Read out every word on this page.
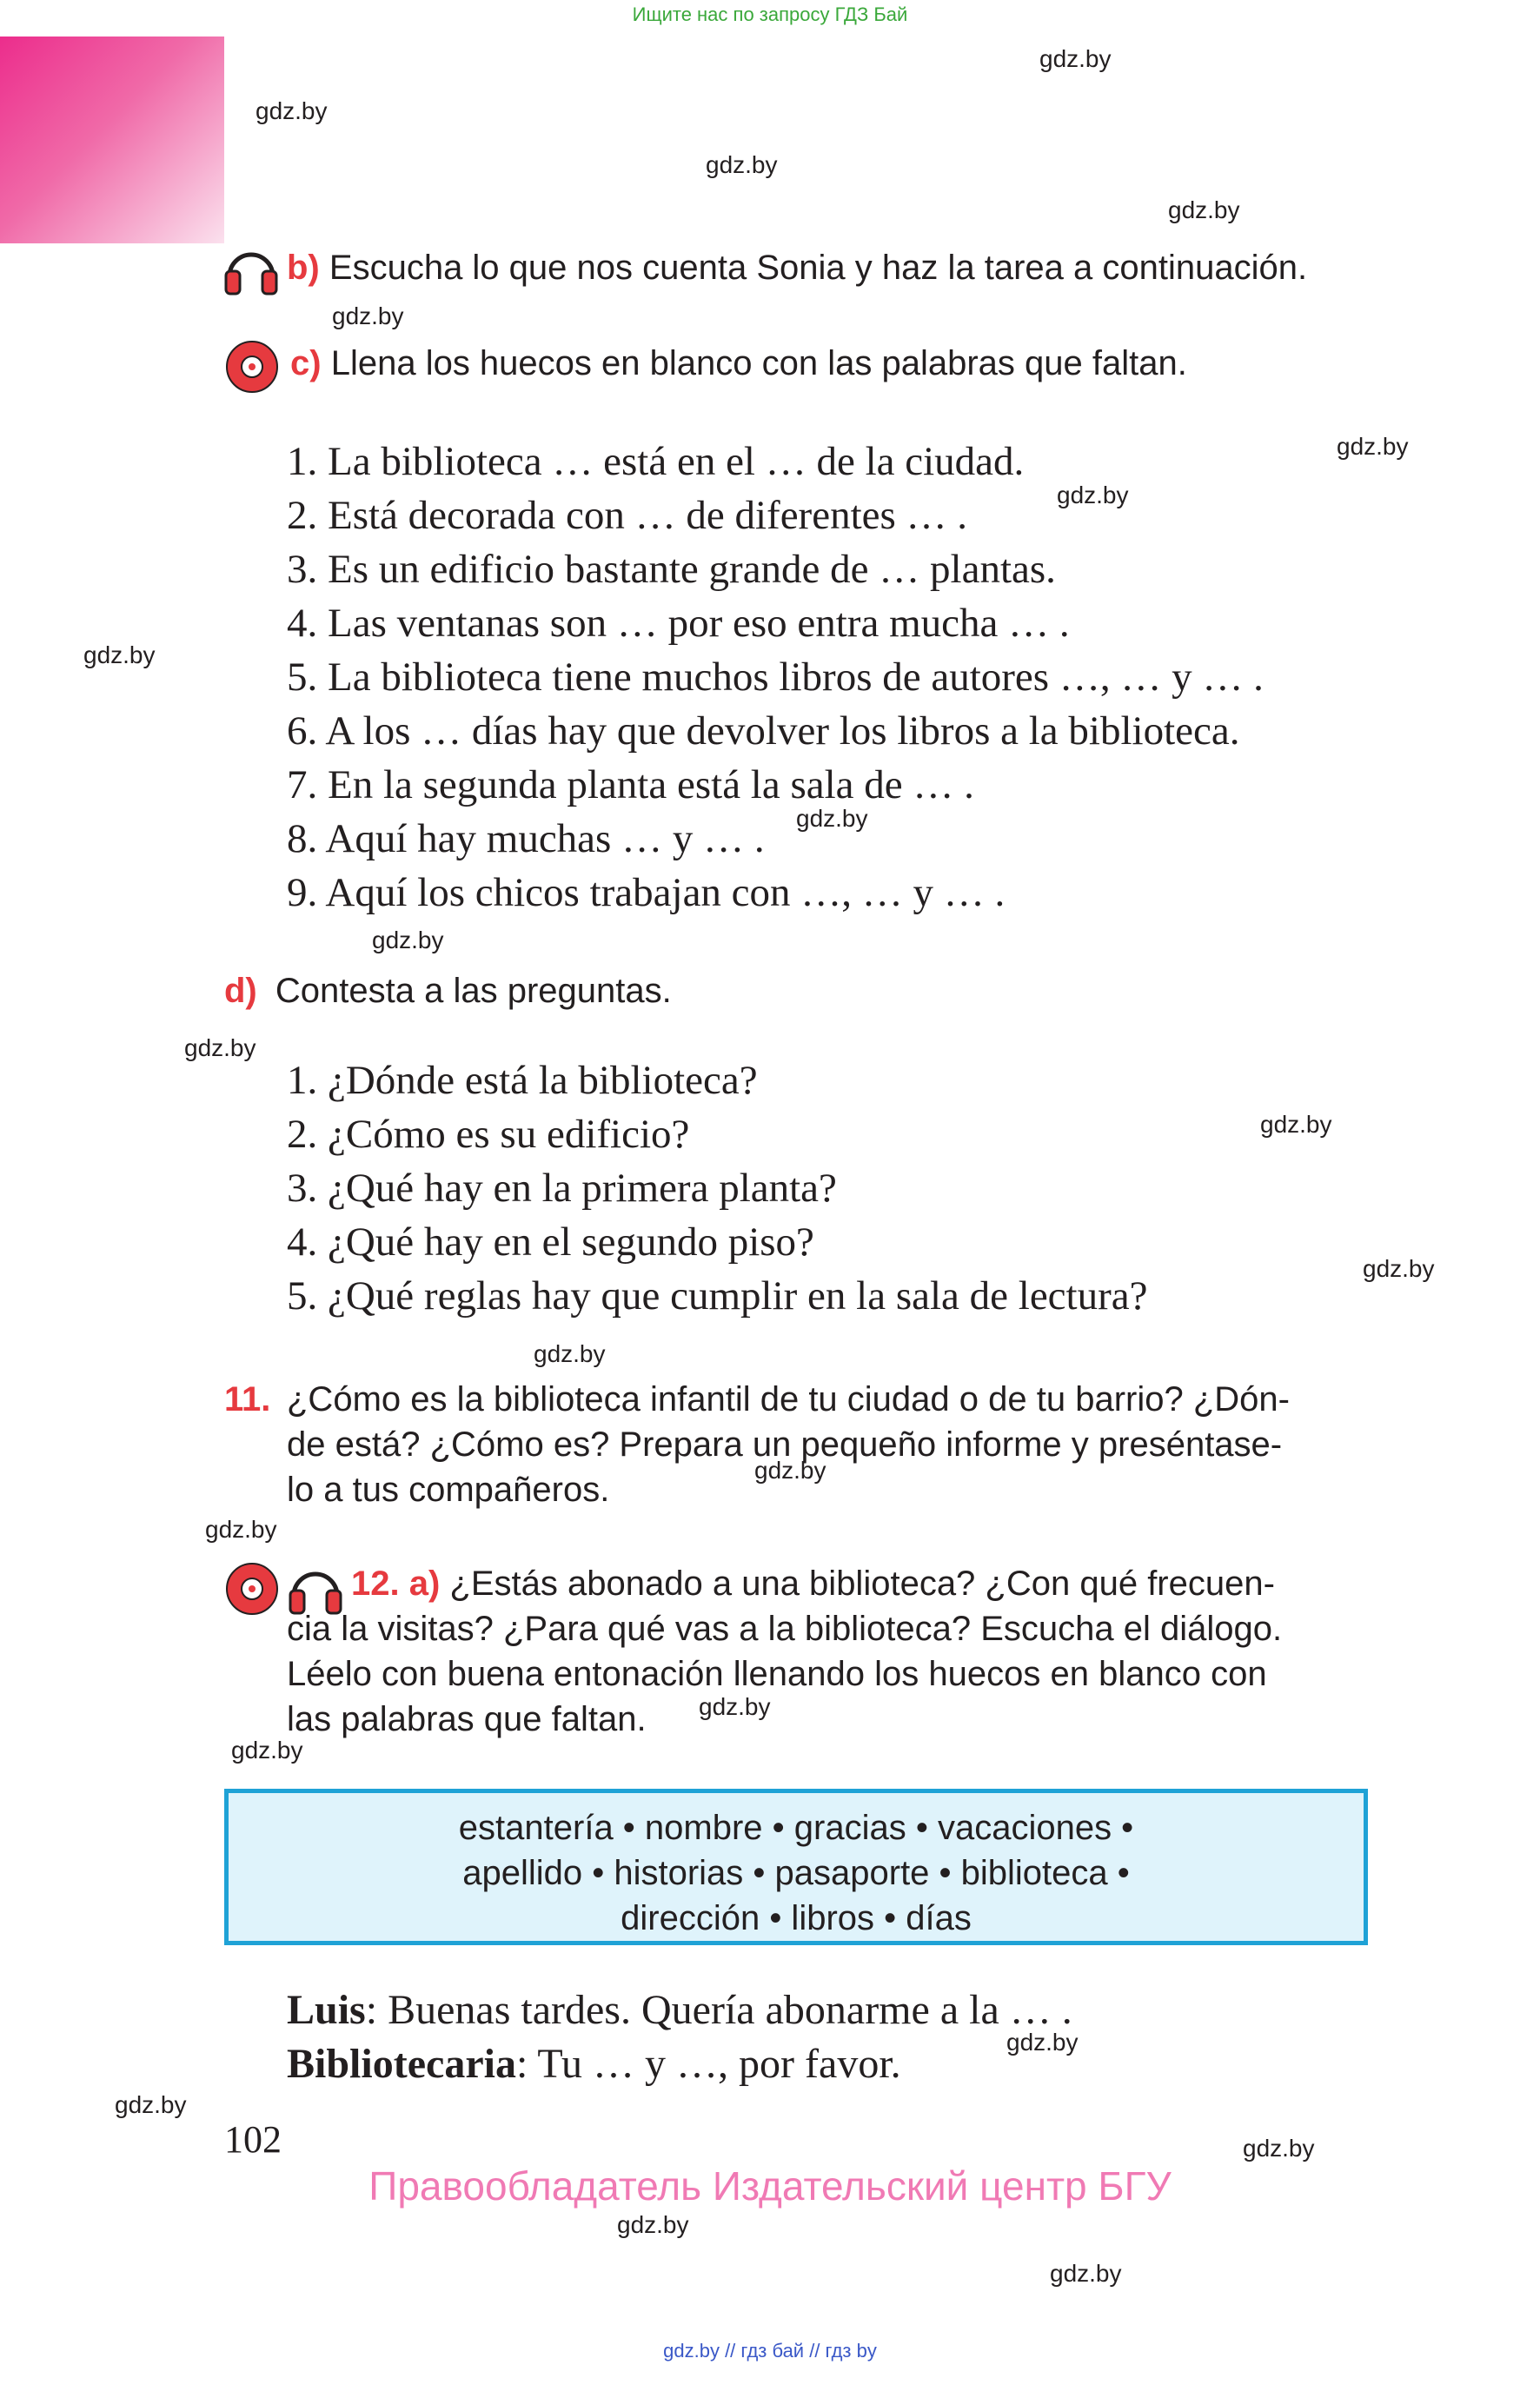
Ищите нас по запросу ГДЗ Бай
gdz.by
gdz.by
gdz.by
gdz.by
gdz.by
gdz.by
gdz.by
gdz.by
gdz.by
gdz.by
gdz.by
gdz.by
gdz.by
gdz.by
gdz.by
gdz.by
gdz.by
gdz.by
gdz.by
gdz.by
gdz.by
gdz.by
gdz.by
b) Escucha lo que nos cuenta Sonia y haz la tarea a continuación.
c) Llena los huecos en blanco con las palabras que faltan.
1. La biblioteca … está en el … de la ciudad.
2. Está decorada con … de diferentes … .
3. Es un edificio bastante grande de … plantas.
4. Las ventanas son … por eso entra mucha … .
5. La biblioteca tiene muchos libros de autores …, … y … .
6. A los … días hay que devolver los libros a la biblioteca.
7. En la segunda planta está la sala de … .
8. Aquí hay muchas … y … .
9. Aquí los chicos trabajan con …, … y … .
d) Contesta a las preguntas.
1. ¿Dónde está la biblioteca?
2. ¿Cómo es su edificio?
3. ¿Qué hay en la primera planta?
4. ¿Qué hay en el segundo piso?
5. ¿Qué reglas hay que cumplir en la sala de lectura?
11. ¿Cómo es la biblioteca infantil de tu ciudad o de tu barrio? ¿Dón-
de está? ¿Cómo es? Prepara un pequeño informe y preséntase-
lo a tus compañeros.
12. a) ¿Estás abonado a una biblioteca? ¿Con qué frecuen-
cia la visitas? ¿Para qué vas a la biblioteca? Escucha el diálogo.
Léelo con buena entonación llenando los huecos en blanco con
las palabras que faltan.
estantería • nombre • gracias • vacaciones •
apellido • historias • pasaporte • biblioteca •
dirección • libros • días
Luis: Buenas tardes. Quería abonarme a la … .
Bibliotecaria: Tu … y …, por favor.
102
Правообладатель Издательский центр БГУ
gdz.by // гдз бай // гдз by
